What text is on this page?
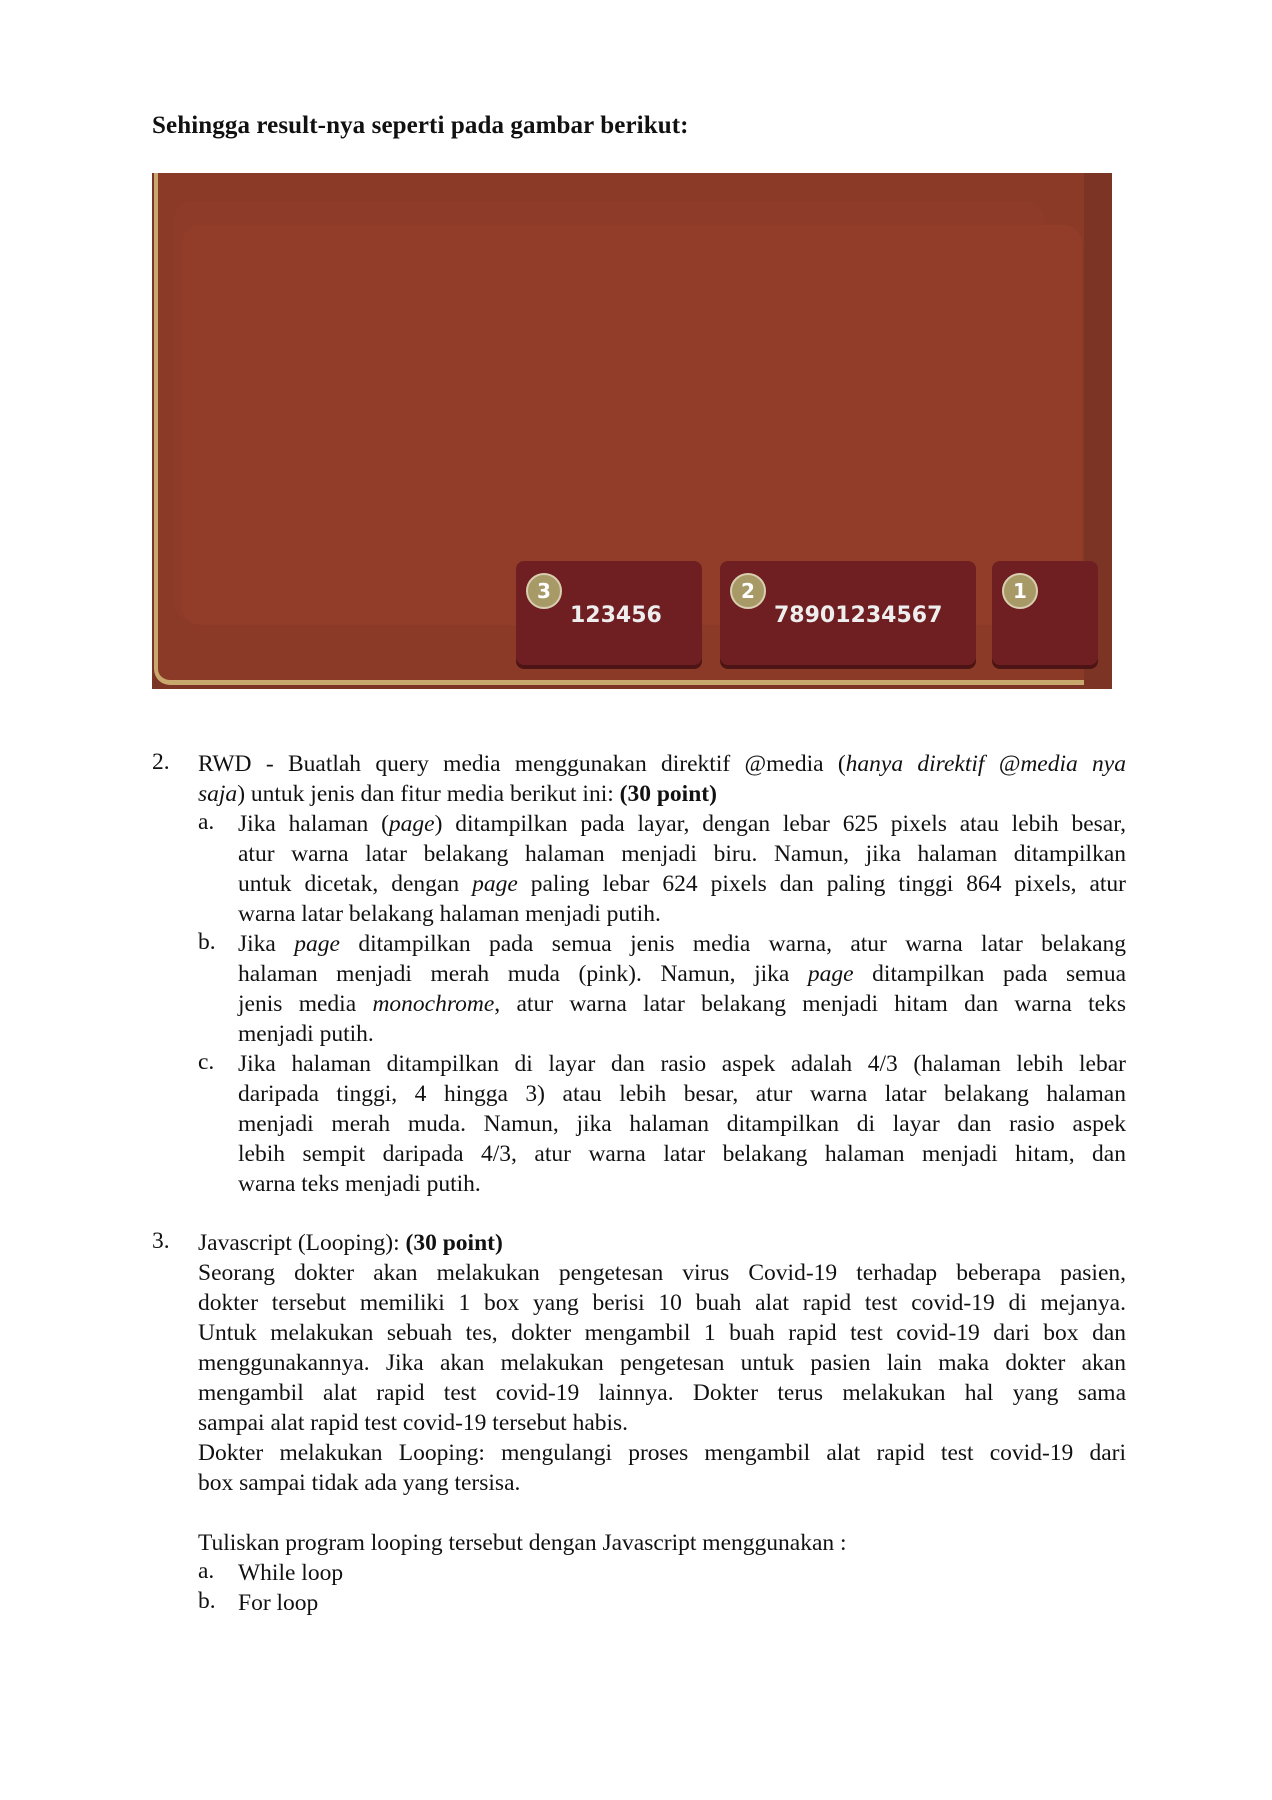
Sehingga result-nya seperti pada gambar berikut:
3
123456
2
78901234567
1
2. RWD - Buatlah query media menggunakan direktif @media (hanya direktif @media nya
saja) untuk jenis dan fitur media berikut ini: (30 point)
a. Jika halaman (page) ditampilkan pada layar, dengan lebar 625 pixels atau lebih besar,
atur warna latar belakang halaman menjadi biru. Namun, jika halaman ditampilkan
untuk dicetak, dengan page paling lebar 624 pixels dan paling tinggi 864 pixels, atur
warna latar belakang halaman menjadi putih.
b. Jika page ditampilkan pada semua jenis media warna, atur warna latar belakang
halaman menjadi merah muda (pink). Namun, jika page ditampilkan pada semua
jenis media monochrome, atur warna latar belakang menjadi hitam dan warna teks
menjadi putih.
c. Jika halaman ditampilkan di layar dan rasio aspek adalah 4/3 (halaman lebih lebar
daripada tinggi, 4 hingga 3) atau lebih besar, atur warna latar belakang halaman
menjadi merah muda. Namun, jika halaman ditampilkan di layar dan rasio aspek
lebih sempit daripada 4/3, atur warna latar belakang halaman menjadi hitam, dan
warna teks menjadi putih.
3. Javascript (Looping): (30 point)
Seorang dokter akan melakukan pengetesan virus Covid-19 terhadap beberapa pasien,
dokter tersebut memiliki 1 box yang berisi 10 buah alat rapid test covid-19 di mejanya.
Untuk melakukan sebuah tes, dokter mengambil 1 buah rapid test covid-19 dari box dan
menggunakannya. Jika akan melakukan pengetesan untuk pasien lain maka dokter akan
mengambil alat rapid test covid-19 lainnya. Dokter terus melakukan hal yang sama
sampai alat rapid test covid-19 tersebut habis.
Dokter melakukan Looping: mengulangi proses mengambil alat rapid test covid-19 dari
box sampai tidak ada yang tersisa.
Tuliskan program looping tersebut dengan Javascript menggunakan :
a. While loop
b. For loop
